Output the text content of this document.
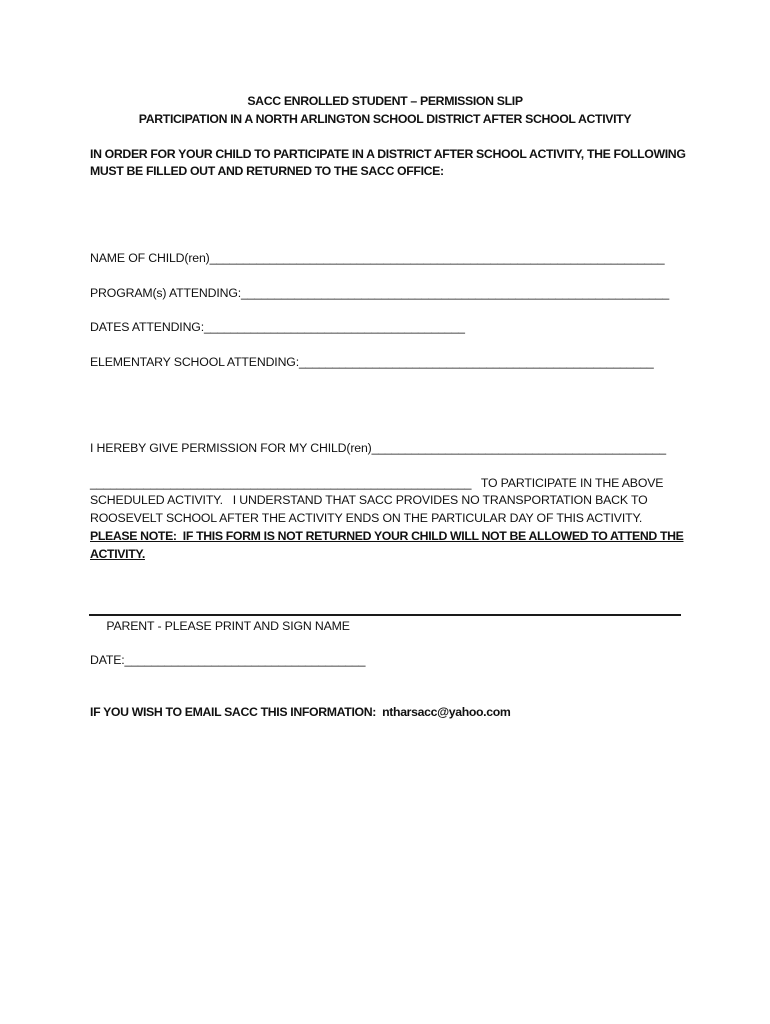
SACC ENROLLED STUDENT – PERMISSION SLIP
PARTICIPATION IN A NORTH ARLINGTON SCHOOL DISTRICT AFTER SCHOOL ACTIVITY
IN ORDER FOR YOUR CHILD TO PARTICIPATE IN A DISTRICT AFTER SCHOOL ACTIVITY, THE FOLLOWING
MUST BE FILLED OUT AND RETURNED TO THE SACC OFFICE:
NAME OF CHILD(ren)____________________________________________________________________
PROGRAM(s) ATTENDING:________________________________________________________________
DATES ATTENDING:_______________________________________
ELEMENTARY SCHOOL ATTENDING:_____________________________________________________
I HEREBY GIVE PERMISSION FOR MY CHILD(ren)____________________________________________
_________________________________________________________   TO PARTICIPATE IN THE ABOVE
SCHEDULED ACTIVITY.   I UNDERSTAND THAT SACC PROVIDES NO TRANSPORTATION BACK TO
ROOSEVELT SCHOOL AFTER THE ACTIVITY ENDS ON THE PARTICULAR DAY OF THIS ACTIVITY.
PLEASE NOTE:  IF THIS FORM IS NOT RETURNED YOUR CHILD WILL NOT BE ALLOWED TO ATTEND THE
ACTIVITY.
PARENT - PLEASE PRINT AND SIGN NAME
DATE:____________________________________
IF YOU WISH TO EMAIL SACC THIS INFORMATION:  ntharsacc@yahoo.com
